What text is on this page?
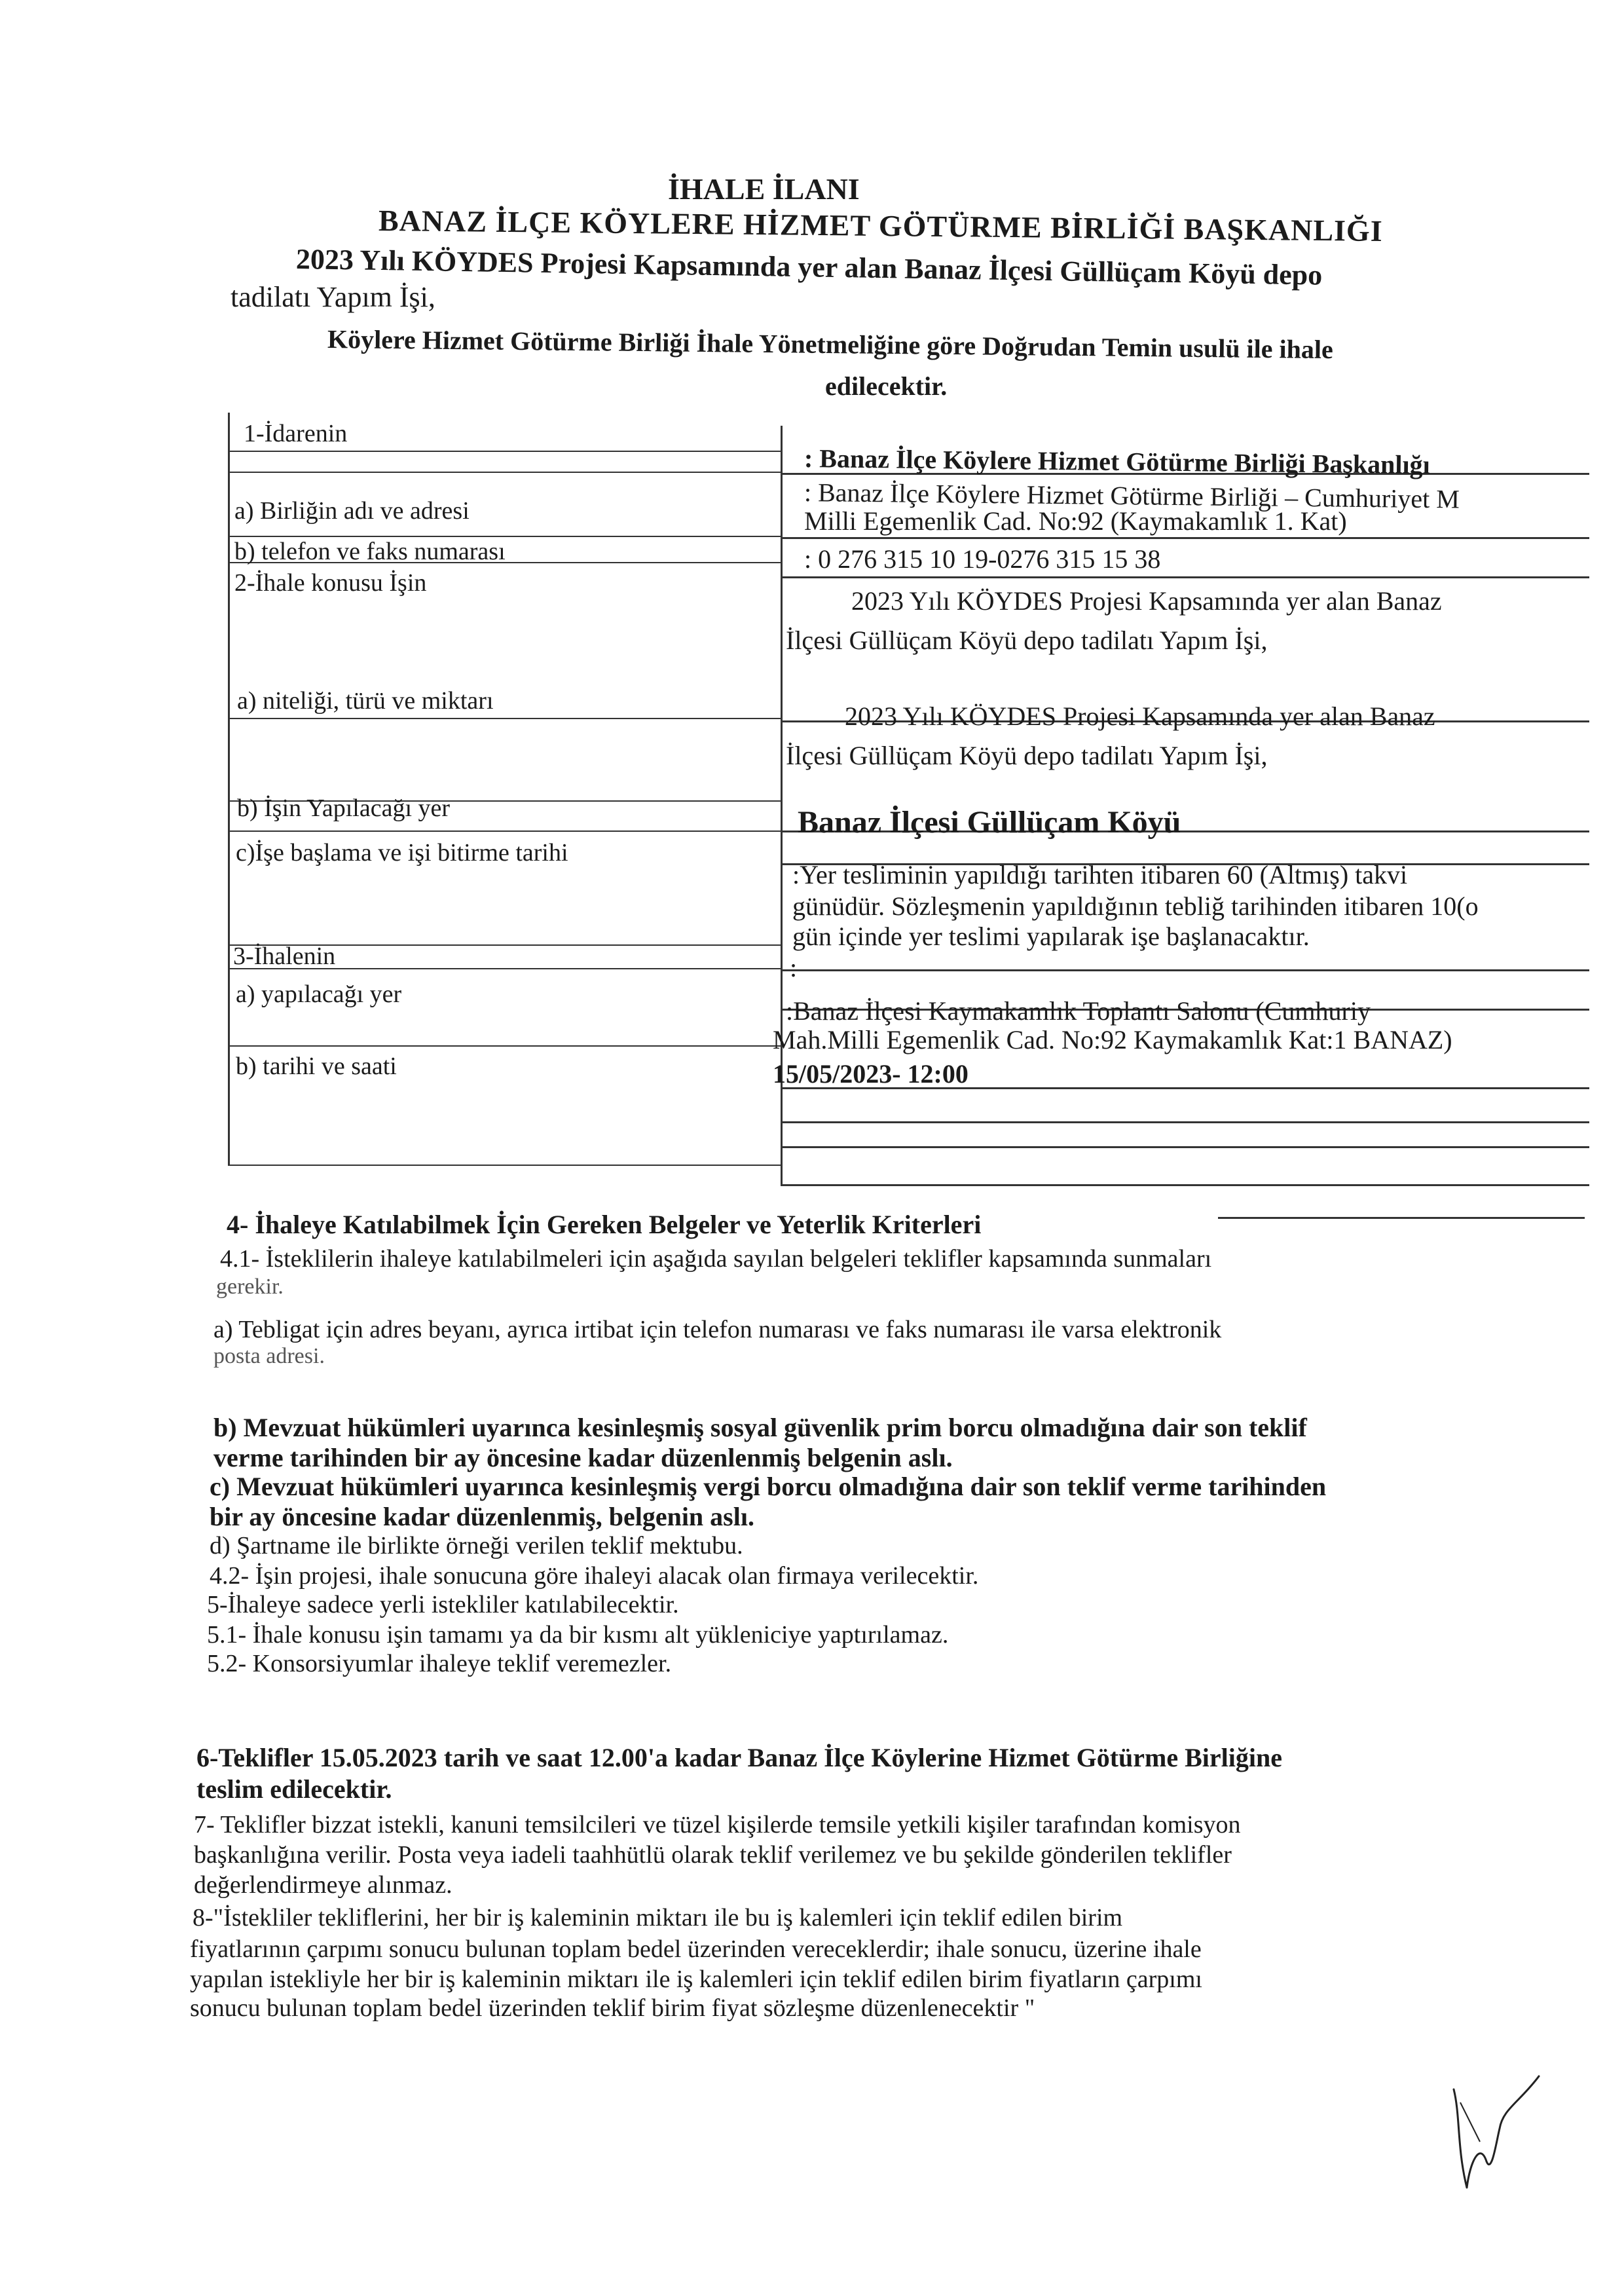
İHALE İLANI
BANAZ İLÇE KÖYLERE HİZMET GÖTÜRME BİRLİĞİ BAŞKANLIĞI
2023 Yılı KÖYDES Projesi Kapsamında yer alan Banaz İlçesi Güllüçam Köyü depo
tadilatı Yapım İşi,
Köylere Hizmet Götürme Birliği İhale Yönetmeliğine göre Doğrudan Temin usulü ile ihale
edilecektir.
1-İdarenin
a) Birliğin adı ve adresi
b) telefon ve faks numarası
2-İhale konusu İşin
a) niteliği, türü ve miktarı
b) İşin Yapılacağı yer
c)İşe başlama ve işi bitirme tarihi
3-İhalenin
a) yapılacağı yer
b) tarihi ve saati
: Banaz İlçe Köylere Hizmet Götürme Birliği Başkanlığı
: Banaz İlçe Köylere Hizmet Götürme Birliği – Cumhuriyet M
Milli Egemenlik Cad. No:92 (Kaymakamlık 1. Kat)
: 0 276 315 10 19-0276 315 15 38
2023 Yılı KÖYDES Projesi Kapsamında yer alan Banaz
İlçesi Güllüçam Köyü depo tadilatı Yapım İşi,
2023 Yılı KÖYDES Projesi Kapsamında yer alan Banaz
İlçesi Güllüçam Köyü depo tadilatı Yapım İşi,
Banaz İlçesi Güllüçam Köyü
:Yer tesliminin yapıldığı tarihten itibaren 60 (Altmış) takvi
günüdür. Sözleşmenin yapıldığının tebliğ tarihinden itibaren 10(o
gün içinde yer teslimi yapılarak işe başlanacaktır.
:
:Banaz İlçesi Kaymakamlık Toplantı Salonu (Cumhuriy
Mah.Milli Egemenlik Cad. No:92 Kaymakamlık Kat:1 BANAZ)
15/05/2023- 12:00
4- İhaleye Katılabilmek İçin Gereken Belgeler ve Yeterlik Kriterleri
4.1- İsteklilerin ihaleye katılabilmeleri için aşağıda sayılan belgeleri teklifler kapsamında sunmaları
gerekir.
a) Tebligat için adres beyanı, ayrıca irtibat için telefon numarası ve faks numarası ile varsa elektronik
posta adresi.
b) Mevzuat hükümleri uyarınca kesinleşmiş sosyal güvenlik prim borcu olmadığına dair son teklif
verme tarihinden bir ay öncesine kadar düzenlenmiş belgenin aslı.
c) Mevzuat hükümleri uyarınca kesinleşmiş vergi borcu olmadığına dair son teklif verme tarihinden
bir ay öncesine kadar düzenlenmiş, belgenin aslı.
d) Şartname ile birlikte örneği verilen teklif mektubu.
4.2- İşin projesi, ihale sonucuna göre ihaleyi alacak olan firmaya verilecektir.
5-İhaleye sadece yerli istekliler katılabilecektir.
5.1- İhale konusu işin tamamı ya da bir kısmı alt yükleniciye yaptırılamaz.
5.2- Konsorsiyumlar ihaleye teklif veremezler.
6-Teklifler 15.05.2023 tarih ve saat 12.00'a kadar Banaz İlçe Köylerine Hizmet Götürme Birliğine
teslim edilecektir.
7- Teklifler bizzat istekli, kanuni temsilcileri ve tüzel kişilerde temsile yetkili kişiler tarafından komisyon
başkanlığına verilir. Posta veya iadeli taahhütlü olarak teklif verilemez ve bu şekilde gönderilen teklifler
değerlendirmeye alınmaz.
8-"İstekliler tekliflerini, her bir iş kaleminin miktarı ile bu iş kalemleri için teklif edilen birim
fiyatlarının çarpımı sonucu bulunan toplam bedel üzerinden vereceklerdir; ihale sonucu, üzerine ihale
yapılan istekliyle her bir iş kaleminin miktarı ile iş kalemleri için teklif edilen birim fiyatların çarpımı
sonucu bulunan toplam bedel üzerinden teklif birim fiyat sözleşme düzenlenecektir "
